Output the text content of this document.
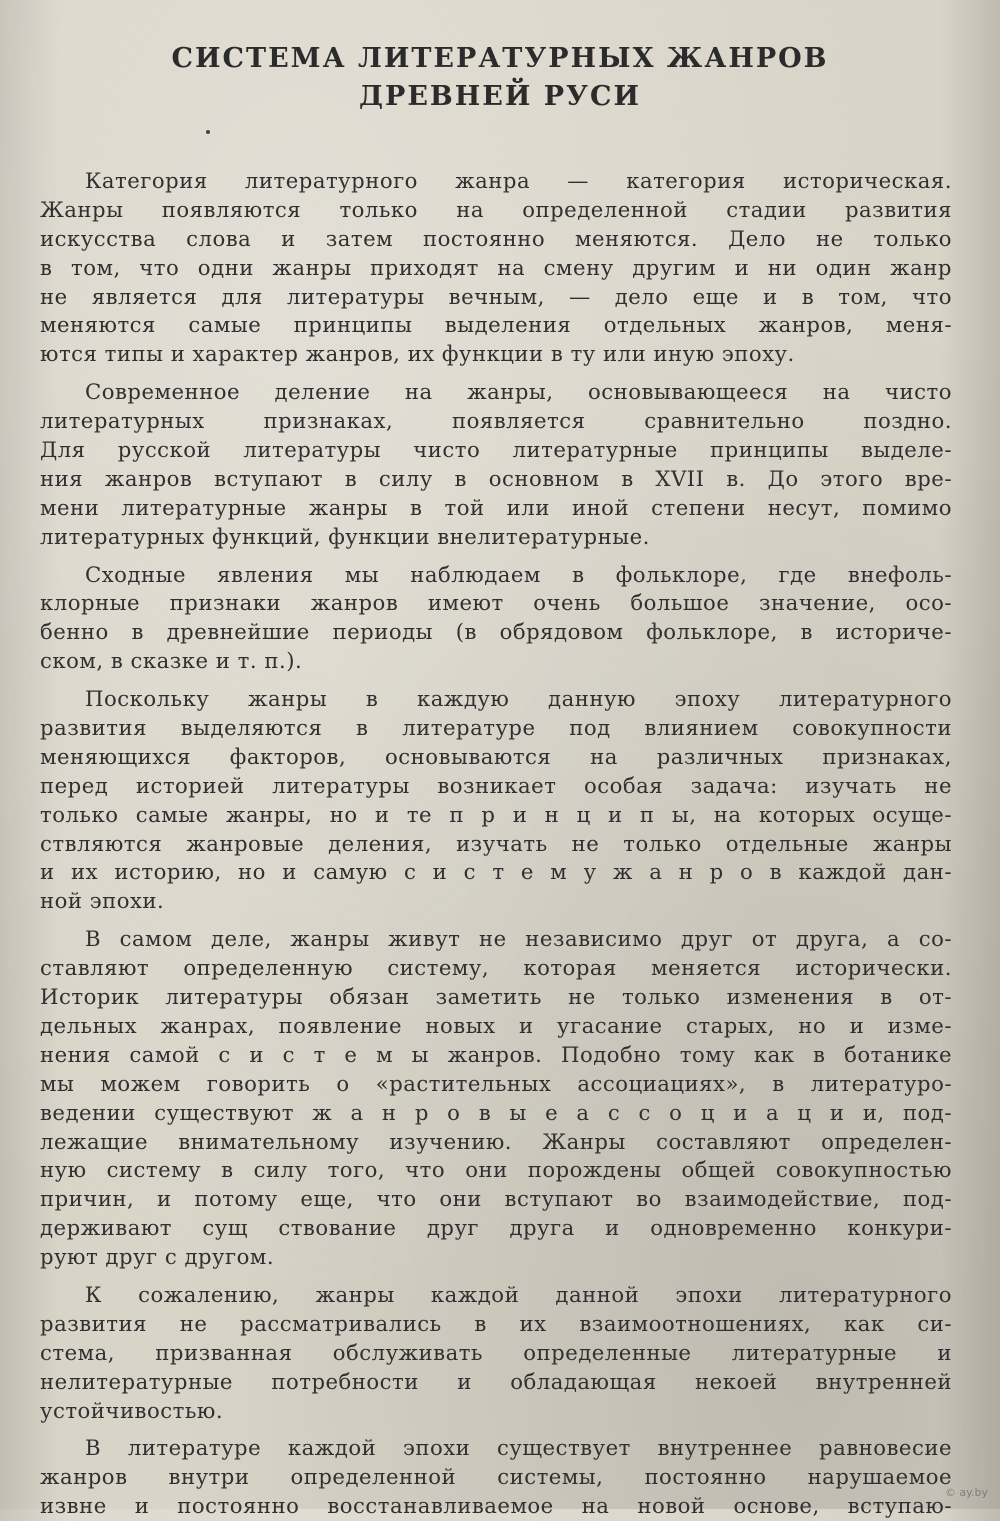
СИСТЕМА ЛИТЕРАТУРНЫХ ЖАНРОВ
ДРЕВНЕЙ РУСИ
Категория литературного жанра — категория историческая.
Жанры появляются только на определенной стадии развития
искусства слова и затем постоянно меняются. Дело не только
в том, что одни жанры приходят на смену другим и ни один жанр
не является для литературы вечным, — дело еще и в том, что
меняются самые принципы выделения отдельных жанров, меня-
ются типы и характер жанров, их функции в ту или иную эпоху.
Современное деление на жанры, основывающееся на чисто
литературных признаках, появляется сравнительно поздно.
Для русской литературы чисто литературные принципы выделе-
ния жанров вступают в силу в основном в XVII в. До этого вре-
мени литературные жанры в той или иной степени несут, помимо
литературных функций, функции внелитературные.
Сходные явления мы наблюдаем в фольклоре, где внефоль-
клорные признаки жанров имеют очень большое значение, осо-
бенно в древнейшие периоды (в обрядовом фольклоре, в историче-
ском, в сказке и т. п.).
Поскольку жанры в каждую данную эпоху литературного
развития выделяются в литературе под влиянием совокупности
меняющихся факторов, основываются на различных признаках,
перед историей литературы возникает особая задача: изучать не
только самые жанры, но и те п р и н ц и п ы, на которых осуще-
ствляются жанровые деления, изучать не только отдельные жанры
и их историю, но и самую с и с т е м у ж а н р о в каждой дан-
ной эпохи.
В самом деле, жанры живут не независимо друг от друга, а со-
ставляют определенную систему, которая меняется исторически.
Историк литературы обязан заметить не только изменения в от-
дельных жанрах, появление новых и угасание старых, но и изме-
нения самой с и с т е м ы жанров. Подобно тому как в ботанике
мы можем говорить о «растительных ассоциациях», в литературо-
ведении существуют ж а н р о в ы е а с с о ц и а ц и и, под-
лежащие внимательному изучению. Жанры составляют определен-
ную систему в силу того, что они порождены общей совокупностью
причин, и потому еще, что они вступают во взаимодействие, под-
держивают сущ ствование друг друга и одновременно конкури-
руют друг с другом.
К сожалению, жанры каждой данной эпохи литературного
развития не рассматривались в их взаимоотношениях, как си-
стема, призванная обслуживать определенные литературные и
нелитературные потребности и обладающая некоей внутренней
устойчивостью.
В литературе каждой эпохи существует внутреннее равновесие
жанров внутри определенной системы, постоянно нарушаемое
извне и постоянно восстанавливаемое на новой основе, вступаю-
© ay.by
